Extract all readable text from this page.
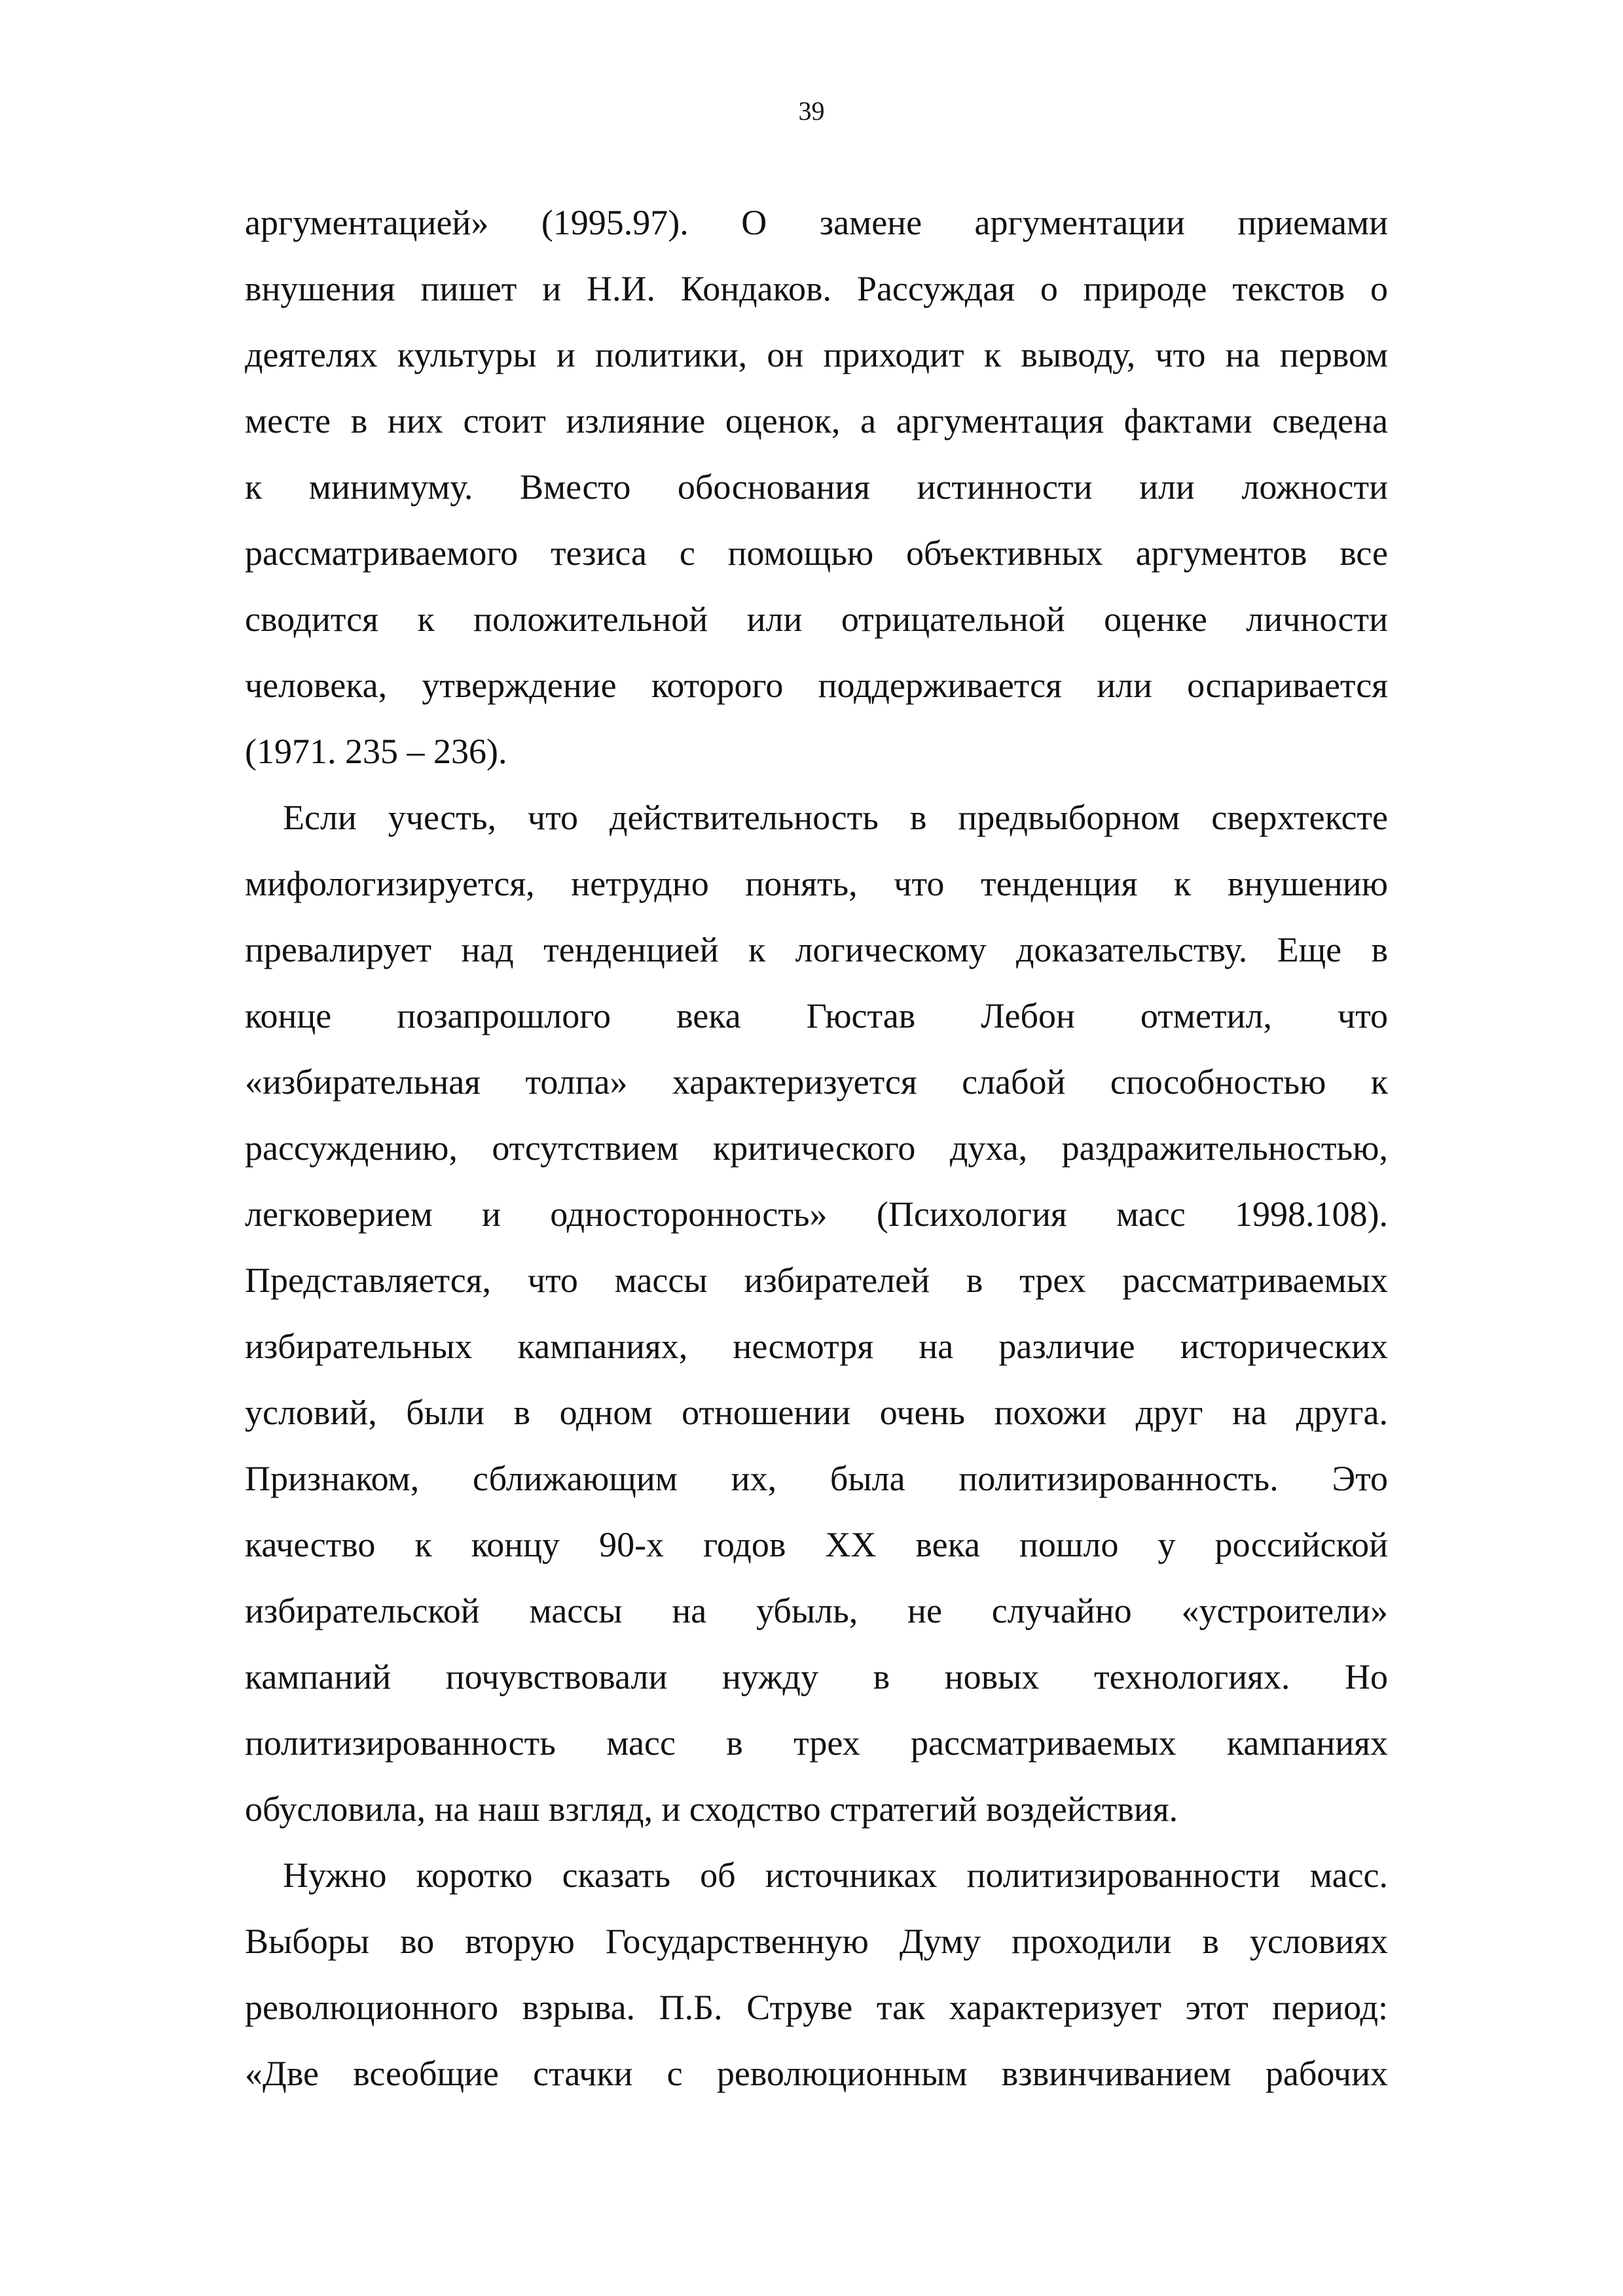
39
аргументацией» (1995.97). О замене аргументации приемами
внушения пишет и Н.И. Кондаков. Рассуждая о природе текстов о
деятелях культуры и политики, он приходит к выводу, что на первом
месте в них стоит излияние оценок, а аргументация фактами сведена
к минимуму. Вместо обоснования истинности или ложности
рассматриваемого тезиса с помощью объективных аргументов все
сводится к положительной или отрицательной оценке личности
человека, утверждение которого поддерживается или оспаривается
(1971. 235 – 236).
Если учесть, что действительность в предвыборном сверхтексте
мифологизируется, нетрудно понять, что тенденция к внушению
превалирует над тенденцией к логическому доказательству. Еще в
конце позапрошлого века Гюстав Лебон отметил, что
«избирательная толпа» характеризуется слабой способностью к
рассуждению, отсутствием критического духа, раздражительностью,
легковерием и односторонность» (Психология масс 1998.108).
Представляется, что массы избирателей в трех рассматриваемых
избирательных кампаниях, несмотря на различие исторических
условий, были в одном отношении очень похожи друг на друга.
Признаком, сближающим их, была политизированность. Это
качество к концу 90-х годов XX века пошло у российской
избирательской массы на убыль, не случайно «устроители»
кампаний почувствовали нужду в новых технологиях. Но
политизированность масс в трех рассматриваемых кампаниях
обусловила, на наш взгляд, и сходство стратегий воздействия.
Нужно коротко сказать об источниках политизированности масс.
Выборы во вторую Государственную Думу проходили в условиях
революционного взрыва. П.Б. Струве так характеризует этот период:
«Две всеобщие стачки с революционным взвинчиванием рабочих
